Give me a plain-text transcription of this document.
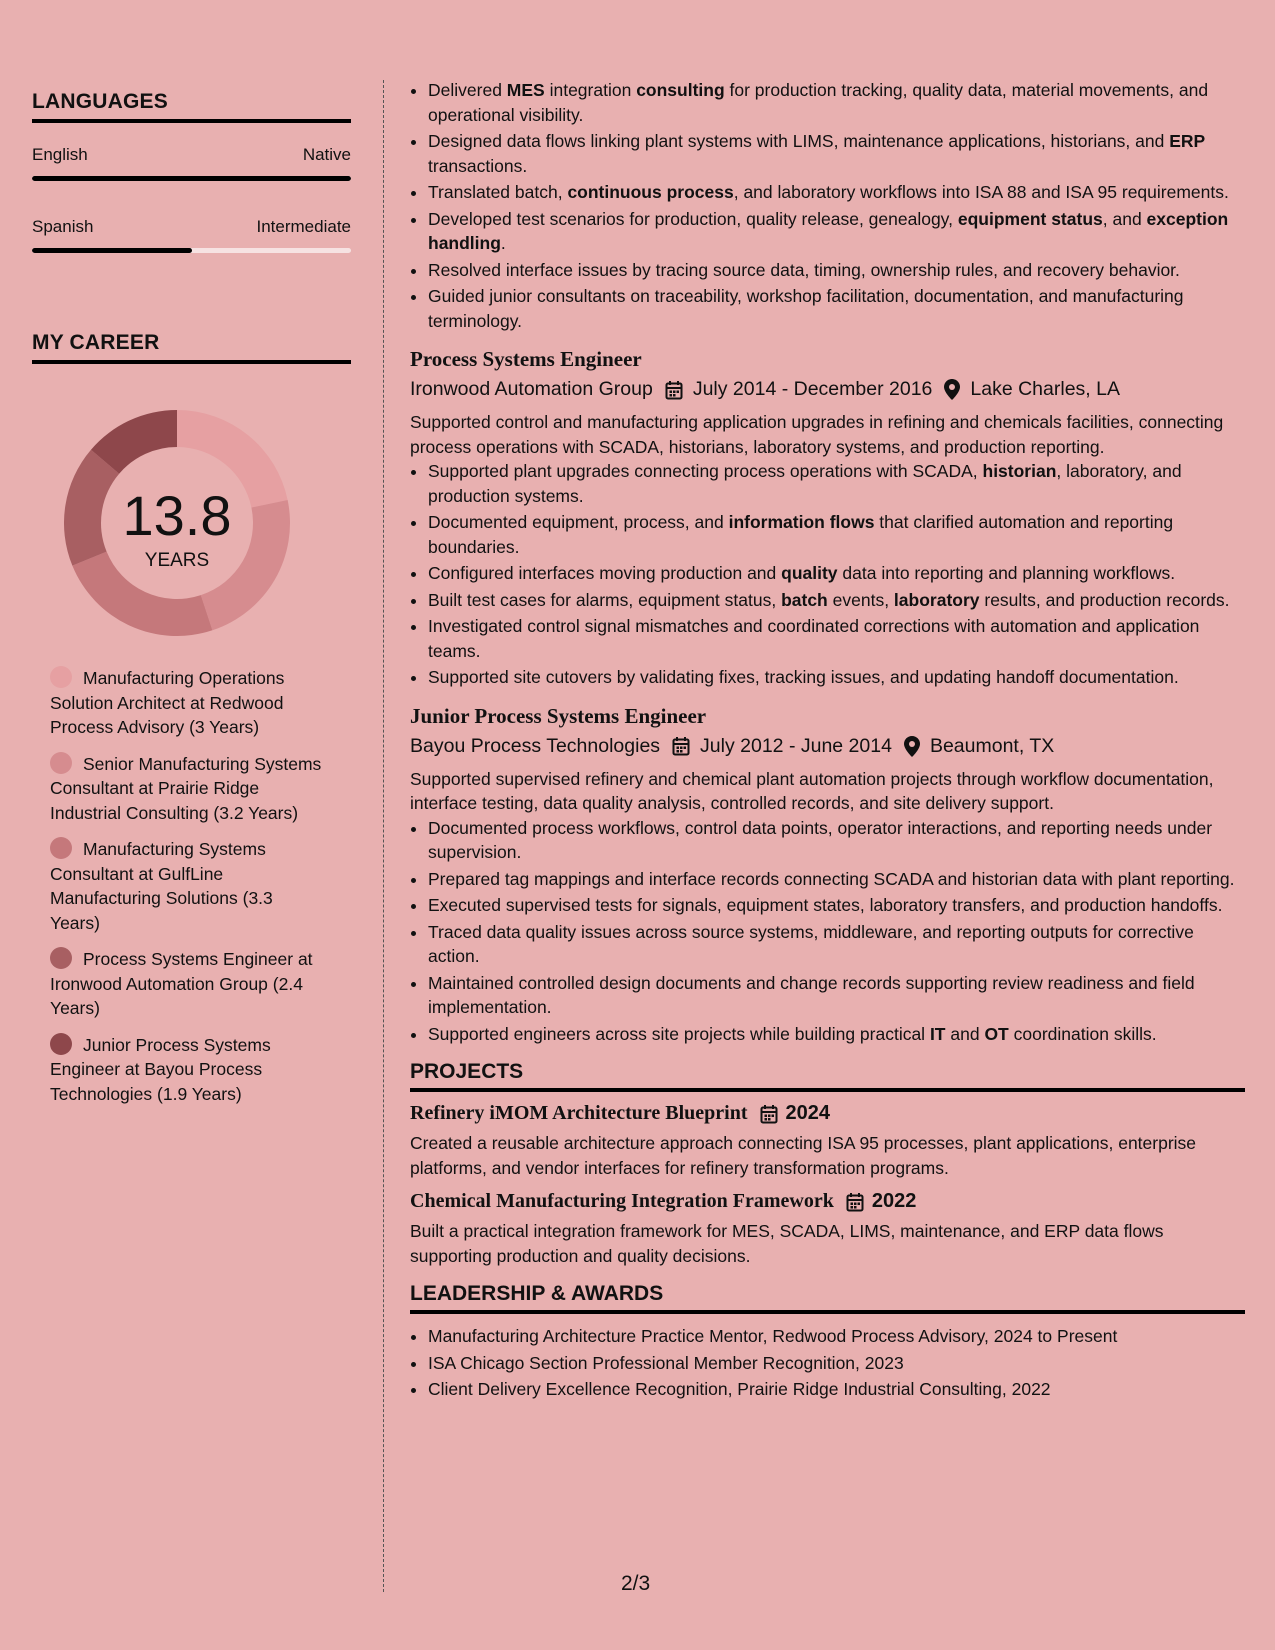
LANGUAGES
English	Native
Spanish	Intermediate
MY CAREER
13.8
YEARS
Manufacturing Operations Solution Architect at Redwood Process Advisory (3 Years)
Senior Manufacturing Systems Consultant at Prairie Ridge Industrial Consulting (3.2 Years)
Manufacturing Systems Consultant at GulfLine Manufacturing Solutions (3.3 Years)
Process Systems Engineer at Ironwood Automation Group (2.4 Years)
Junior Process Systems Engineer at Bayou Process Technologies (1.9 Years)
• Delivered MES integration consulting for production tracking, quality data, material movements, and operational visibility.
• Designed data flows linking plant systems with LIMS, maintenance applications, historians, and ERP transactions.
• Translated batch, continuous process, and laboratory workflows into ISA 88 and ISA 95 requirements.
• Developed test scenarios for production, quality release, genealogy, equipment status, and exception handling.
• Resolved interface issues by tracing source data, timing, ownership rules, and recovery behavior.
• Guided junior consultants on traceability, workshop facilitation, documentation, and manufacturing terminology.
Process Systems Engineer
Ironwood Automation Group July 2014 - December 2016 Lake Charles, LA
Supported control and manufacturing application upgrades in refining and chemicals facilities, connecting process operations with SCADA, historians, laboratory systems, and production reporting.
• Supported plant upgrades connecting process operations with SCADA, historian, laboratory, and production systems.
• Documented equipment, process, and information flows that clarified automation and reporting boundaries.
• Configured interfaces moving production and quality data into reporting and planning workflows.
• Built test cases for alarms, equipment status, batch events, laboratory results, and production records.
• Investigated control signal mismatches and coordinated corrections with automation and application teams.
• Supported site cutovers by validating fixes, tracking issues, and updating handoff documentation.
Junior Process Systems Engineer
Bayou Process Technologies July 2012 - June 2014 Beaumont, TX
Supported supervised refinery and chemical plant automation projects through workflow documentation, interface testing, data quality analysis, controlled records, and site delivery support.
• Documented process workflows, control data points, operator interactions, and reporting needs under supervision.
• Prepared tag mappings and interface records connecting SCADA and historian data with plant reporting.
• Executed supervised tests for signals, equipment states, laboratory transfers, and production handoffs.
• Traced data quality issues across source systems, middleware, and reporting outputs for corrective action.
• Maintained controlled design documents and change records supporting review readiness and field implementation.
• Supported engineers across site projects while building practical IT and OT coordination skills.
PROJECTS
Refinery iMOM Architecture Blueprint 2024
Created a reusable architecture approach connecting ISA 95 processes, plant applications, enterprise platforms, and vendor interfaces for refinery transformation programs.
Chemical Manufacturing Integration Framework 2022
Built a practical integration framework for MES, SCADA, LIMS, maintenance, and ERP data flows supporting production and quality decisions.
LEADERSHIP & AWARDS
• Manufacturing Architecture Practice Mentor, Redwood Process Advisory, 2024 to Present
• ISA Chicago Section Professional Member Recognition, 2023
• Client Delivery Excellence Recognition, Prairie Ridge Industrial Consulting, 2022
2/3
